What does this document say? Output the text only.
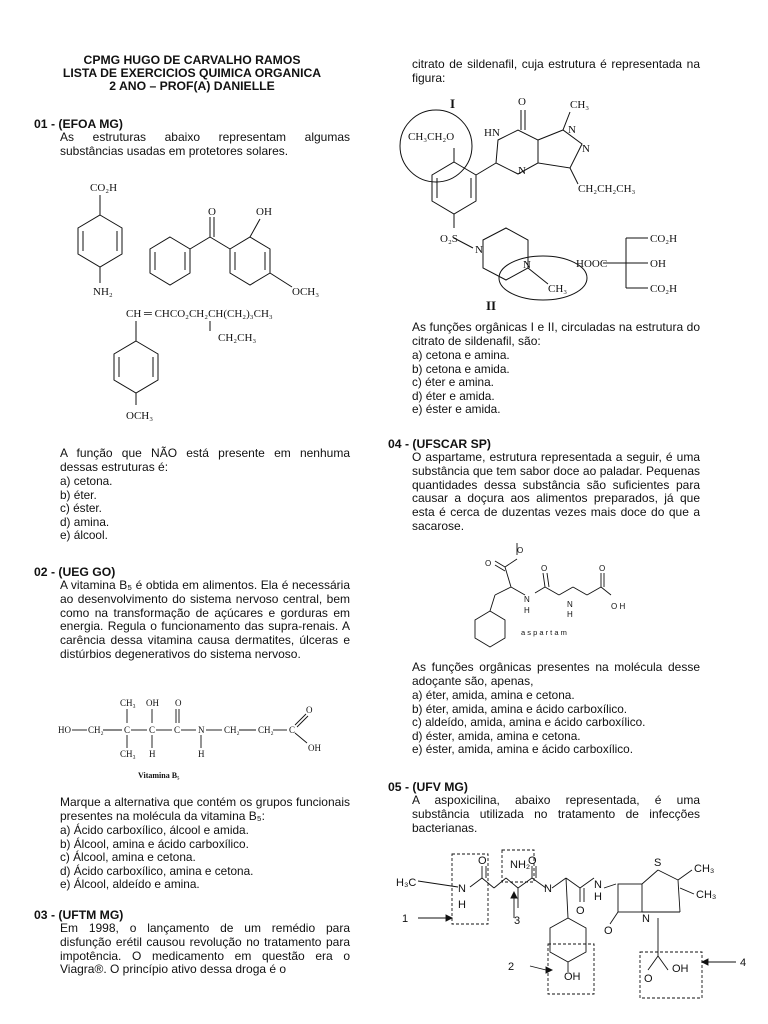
CPMG HUGO DE CARVALHO RAMOS
LISTA DE EXERCICIOS QUIMICA ORGANICA
2 ANO – PROF(A) DANIELLE
01 - (EFOA MG)
As estruturas abaixo representam algumas substâncias usadas em protetores solares.
CO₂H
NH₂
O	OH
OCH₃
CH ═ CHCO₂CH₂CH(CH₂)₃CH₃
CH₂CH₃
OCH₃
A função que NÃO está presente em nenhuma dessas estruturas é:
a) cetona.
b) éter.
c) éster.
d) amina.
e) álcool.
02 - (UEG GO)
A vitamina B₅ é obtida em alimentos. Ela é necessária ao desenvolvimento do sistema nervoso central, bem como na transformação de açúcares e gorduras em energia. Regula o funcionamento das supra-renais. A carência dessa vitamina causa dermatites, úlceras e distúrbios degenerativos do sistema nervoso.
CH₃ OH O
HO CH₂ C C C N CH₂ CH₂ C
O
OH
CH₃ H	H
Vitamina B₅
Marque a alternativa que contém os grupos funcionais presentes na molécula da vitamina B₅:
a) Ácido carboxílico, álcool e amida.
b) Álcool, amina e ácido carboxílico.
c) Álcool, amina e cetona.
d) Ácido carboxílico, amina e cetona.
e) Álcool, aldeído e amina.
03 - (UFTM MG)
Em 1998, o lançamento de um remédio para disfunção erétil causou revolução no tratamento para impotência. O medicamento em questão era o Viagra®. O princípio ativo dessa droga é o
citrato de sildenafil, cuja estrutura é representada na figura:
I
CH₃CH₂O
O	CH₃
HN	N
N
N
CH₂CH₂CH₃
O₂S
N
N
CH₃
II
CO₂H
HOOC	OH
CO₂H
As funções orgânicas I e II, circuladas na estrutura do citrato de sildenafil, são:
a) cetona e amina.
b) cetona e amida.
c) éter e amina.
d) éter e amida.
e) éster e amida.
04 - (UFSCAR SP)
O aspartame, estrutura representada a seguir, é uma substância que tem sabor doce ao paladar. Pequenas quantidades dessa substância são suficientes para causar a doçura aos alimentos preparados, já que esta é cerca de duzentas vezes mais doce do que a sacarose.
O
O
O	O
N
H
N
H
O H
a s p a r t a m
As funções orgânicas presentes na molécula desse adoçante são, apenas,
a) éter, amida, amina e cetona.
b) éter, amida, amina e ácido carboxílico.
c) aldeído, amida, amina e ácido carboxílico.
d) éster, amida, amina e cetona.
e) éster, amida, amina e ácido carboxílico.
05 - (UFV MG)
A aspoxicilina, abaixo representada, é uma substância utilizada no tratamento de infecções bacterianas.
H₃C	N
H
O NH₂
O
N
3
O
N
H
S	CH₃
CH₃
N
O
OH	O
OH
1
2	4
